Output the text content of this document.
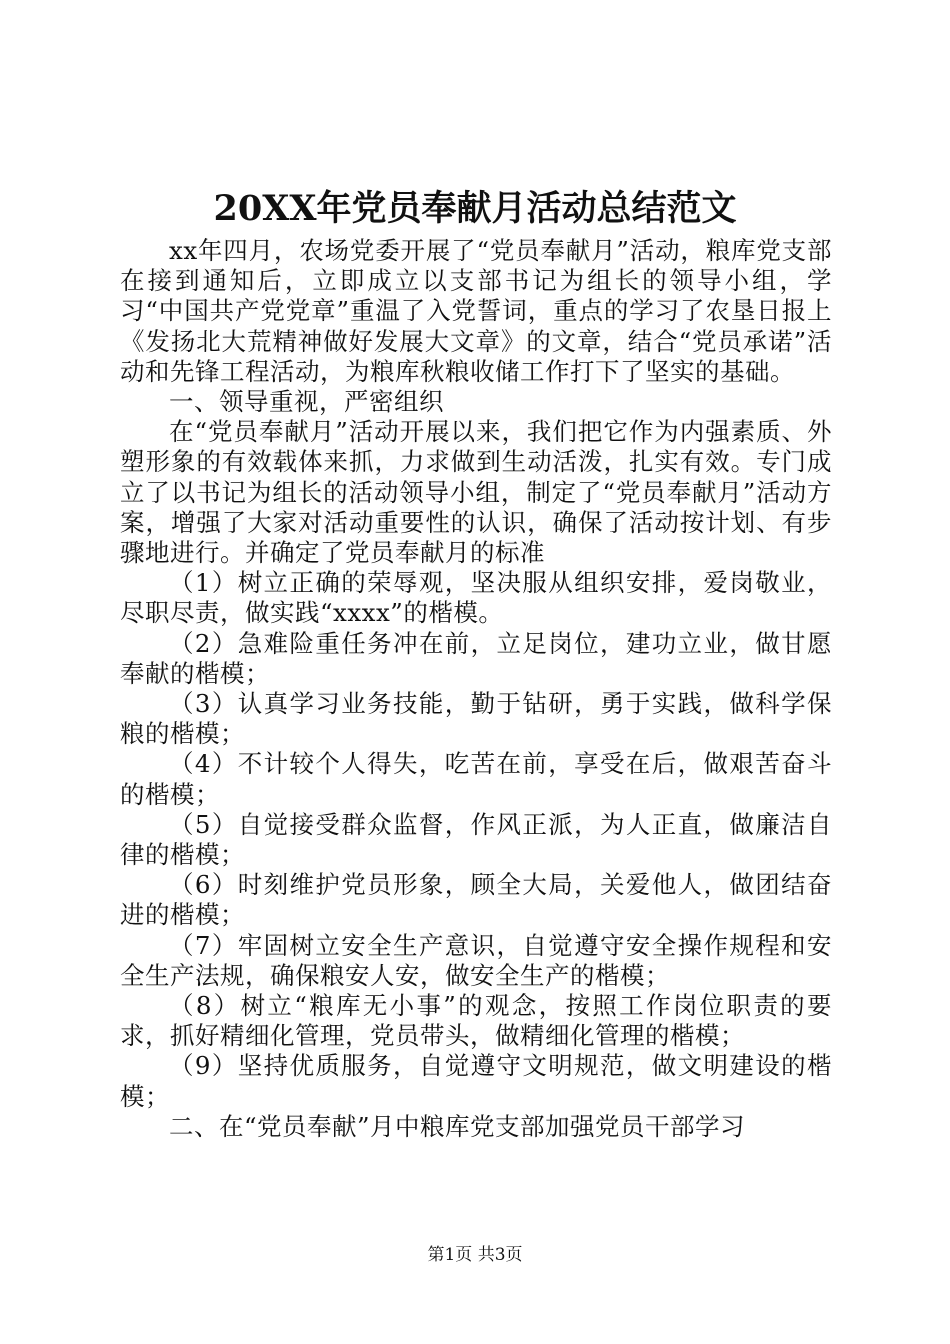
20XX年党员奉献月活动总结范文

xx年四月，农场党委开展了“党员奉献月”活动，粮库党支部在接到通知后，立即成立以支部书记为组长的领导小组，学习“中国共产党党章”重温了入党誓词，重点的学习了农垦日报上《发扬北大荒精神做好发展大文章》的文章，结合“党员承诺”活动和先锋工程活动，为粮库秋粮收储工作打下了坚实的基础。

一、领导重视，严密组织

在“党员奉献月”活动开展以来，我们把它作为内强素质、外塑形象的有效载体来抓，力求做到生动活泼，扎实有效。专门成立了以书记为组长的活动领导小组，制定了“党员奉献月”活动方案，增强了大家对活动重要性的认识，确保了活动按计划、有步骤地进行。并确定了党员奉献月的标准

（1）树立正确的荣辱观，坚决服从组织安排，爱岗敬业，尽职尽责，做实践“xxxx”的楷模。

（2）急难险重任务冲在前，立足岗位，建功立业，做甘愿奉献的楷模；

（3）认真学习业务技能，勤于钻研，勇于实践，做科学保粮的楷模；

（4）不计较个人得失，吃苦在前，享受在后，做艰苦奋斗的楷模；

（5）自觉接受群众监督，作风正派，为人正直，做廉洁自律的楷模；

（6）时刻维护党员形象，顾全大局，关爱他人，做团结奋进的楷模；

（7）牢固树立安全生产意识，自觉遵守安全操作规程和安全生产法规，确保粮安人安，做安全生产的楷模；

（8）树立“粮库无小事”的观念，按照工作岗位职责的要求，抓好精细化管理，党员带头，做精细化管理的楷模；

（9）坚持优质服务，自觉遵守文明规范，做文明建设的楷模；

二、在“党员奉献”月中粮库党支部加强党员干部学习

第1页 共3页
